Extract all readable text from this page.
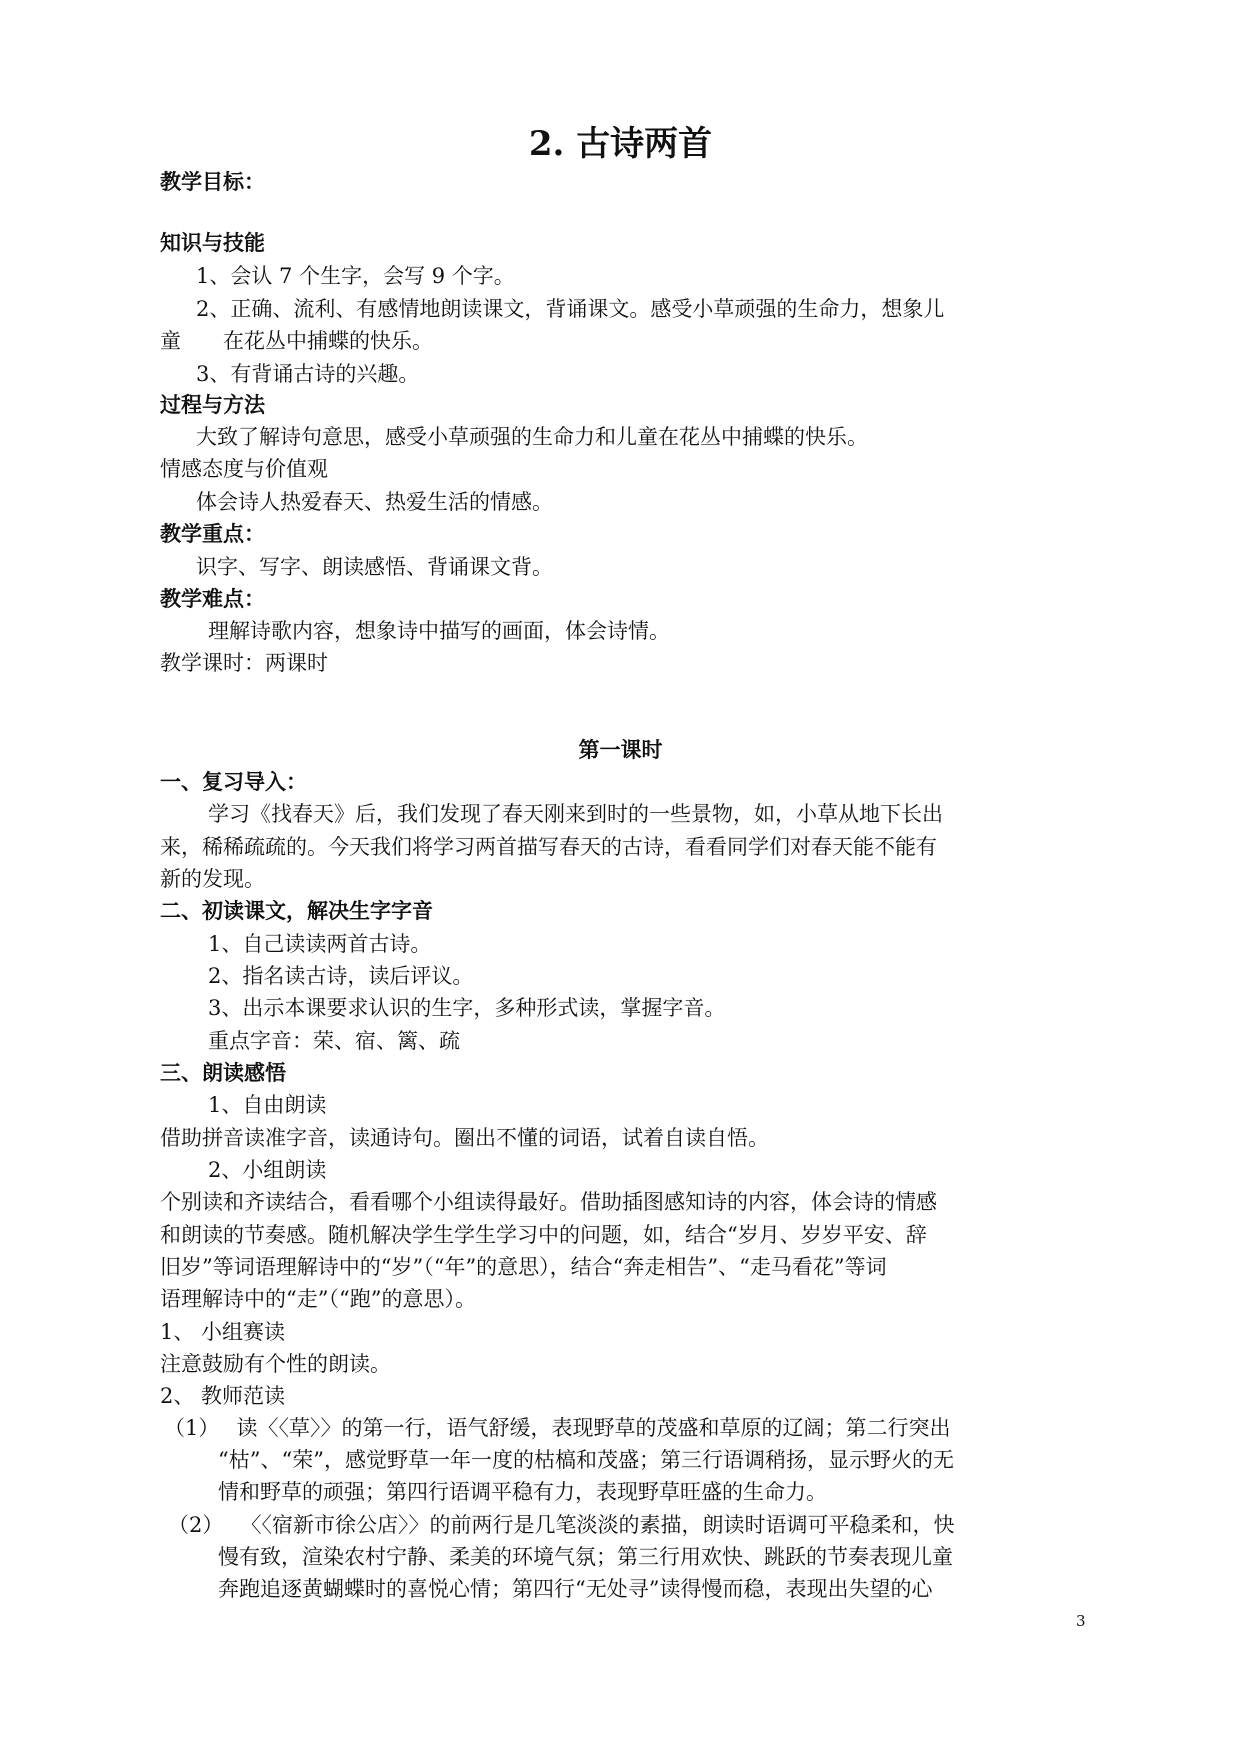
2. 古诗两首
教学目标：
知识与技能
1、会认 7 个生字，会写 9 个字。
2、正确、流利、有感情地朗读课文，背诵课文。感受小草顽强的生命力，想象儿
童　　在花丛中捕蝶的快乐。
3、有背诵古诗的兴趣。
过程与方法
大致了解诗句意思，感受小草顽强的生命力和儿童在花丛中捕蝶的快乐。
情感态度与价值观
体会诗人热爱春天、热爱生活的情感。
教学重点：
识字、写字、朗读感悟、背诵课文背。
教学难点：
理解诗歌内容，想象诗中描写的画面，体会诗情。
教学课时：两课时
第一课时
一、复习导入：
学习《找春天》后，我们发现了春天刚来到时的一些景物，如，小草从地下长出
来，稀稀疏疏的。今天我们将学习两首描写春天的古诗，看看同学们对春天能不能有
新的发现。
二、初读课文，解决生字字音
1、自己读读两首古诗。
2、指名读古诗，读后评议。
3、出示本课要求认识的生字，多种形式读，掌握字音。
重点字音：荣、宿、篱、疏
三、朗读感悟
1、自由朗读
借助拼音读准字音，读通诗句。圈出不懂的词语，试着自读自悟。
2、小组朗读
个别读和齐读结合，看看哪个小组读得最好。借助插图感知诗的内容，体会诗的情感
和朗读的节奏感。随机解决学生学生学习中的问题，如，结合“岁月、岁岁平安、辞
旧岁”等词语理解诗中的“岁”（“年”的意思），结合“奔走相告”、“走马看花”等词
语理解诗中的“走”（“跑”的意思）。
1、 小组赛读
注意鼓励有个性的朗读。
2、 教师范读
（1）　 读〈〈草〉〉的第一行，语气舒缓，表现野草的茂盛和草原的辽阔；第二行突出
“枯”、“荣”，感觉野草一年一度的枯槁和茂盛；第三行语调稍扬，显示野火的无
情和野草的顽强；第四行语调平稳有力，表现野草旺盛的生命力。
（2）　 〈〈宿新市徐公店〉〉的前两行是几笔淡淡的素描，朗读时语调可平稳柔和，快
慢有致，渲染农村宁静、柔美的环境气氛；第三行用欢快、跳跃的节奏表现儿童
奔跑追逐黄蝴蝶时的喜悦心情；第四行“无处寻”读得慢而稳，表现出失望的心
3
